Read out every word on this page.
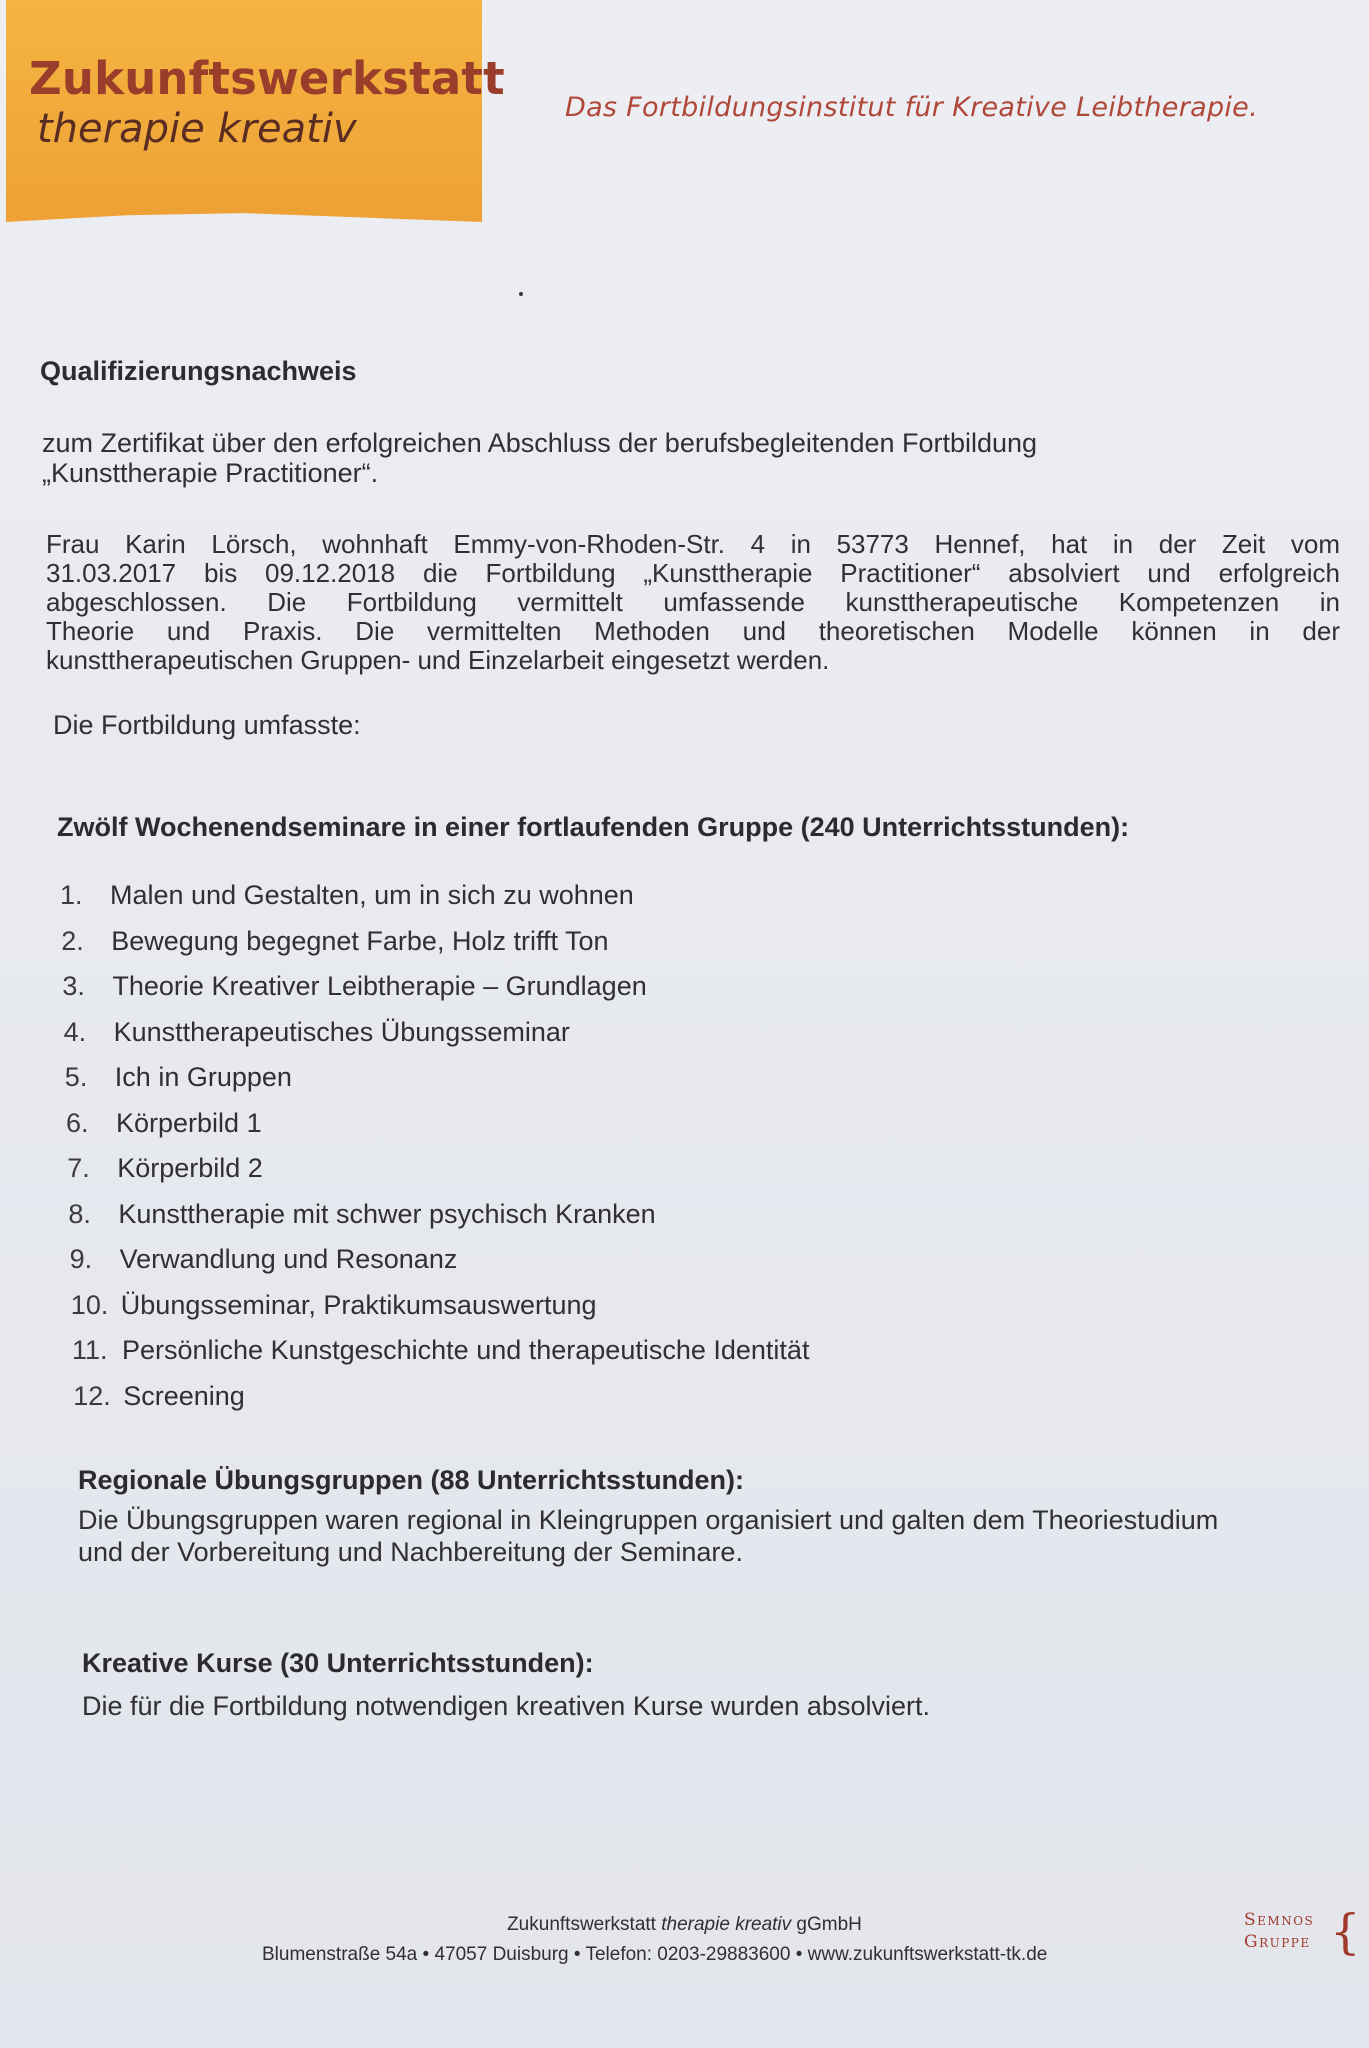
Zukunftswerkstatt
therapie kreativ	Das Fortbildungsinstitut für Kreative Leibtherapie.
Qualifizierungsnachweis
zum Zertifikat über den erfolgreichen Abschluss der berufsbegleitenden Fortbildung
„Kunsttherapie Practitioner“.
Frau Karin Lörsch, wohnhaft Emmy-von-Rhoden-Str. 4 in 53773 Hennef, hat in der Zeit vom
31.03.2017 bis 09.12.2018 die Fortbildung „Kunsttherapie Practitioner“ absolviert und erfolgreich
abgeschlossen. Die Fortbildung vermittelt umfassende kunsttherapeutische Kompetenzen in
Theorie und Praxis. Die vermittelten Methoden und theoretischen Modelle können in der
kunsttherapeutischen Gruppen- und Einzelarbeit eingesetzt werden.
Die Fortbildung umfasste:
Zwölf Wochenendseminare in einer fortlaufenden Gruppe (240 Unterrichtsstunden):
1. Malen und Gestalten, um in sich zu wohnen
2. Bewegung begegnet Farbe, Holz trifft Ton
3. Theorie Kreativer Leibtherapie – Grundlagen
4. Kunsttherapeutisches Übungsseminar
5. Ich in Gruppen
6. Körperbild 1
7. Körperbild 2
8. Kunsttherapie mit schwer psychisch Kranken
9. Verwandlung und Resonanz
10. Übungsseminar, Praktikumsauswertung
11. Persönliche Kunstgeschichte und therapeutische Identität
12. Screening
Regionale Übungsgruppen (88 Unterrichtsstunden):
Die Übungsgruppen waren regional in Kleingruppen organisiert und galten dem Theoriestudium
und der Vorbereitung und Nachbereitung der Seminare.
Kreative Kurse (30 Unterrichtsstunden):
Die für die Fortbildung notwendigen kreativen Kurse wurden absolviert.
Zukunftswerkstatt therapie kreativ gGmbH
Blumenstraße 54a • 47057 Duisburg • Telefon: 0203-29883600 • www.zukunftswerkstatt-tk.de
Semnos
Gruppe {
